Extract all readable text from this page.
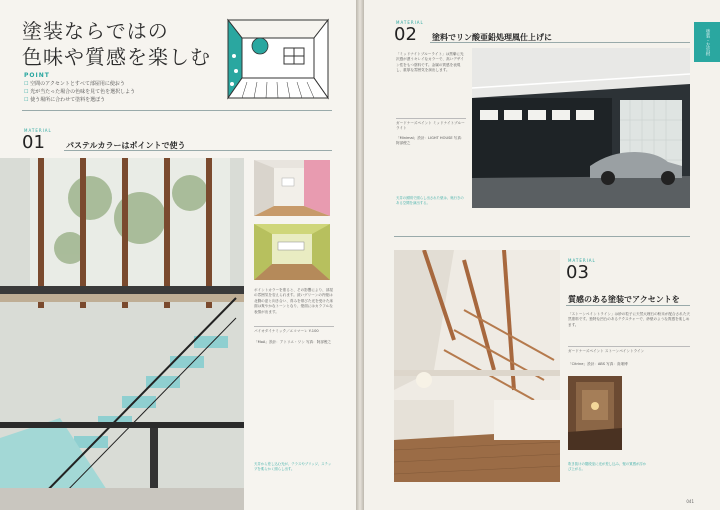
塗装ならではの
色味や質感を楽しむ
POINT
☐ 空間のアクセントとすべて部屋用に使おう
☐ 光が当たった場合の色味を見て色を選択しよう
☐ 使う場所に合わせて塗料を選ぼう
MATERIAL
01	パステルカラーはポイントで使う
ポイントカラーを塗ると、その影響により、部屋の雰囲気を変えられます。淡いグリーンの内壁は北側の窓と向き合い、青みを帯びた光を受けた床面は爽やかなトーンとなり、壁面にはカラフルな表情が出ます。
パイオダイナミック／エコマーレ Y-100
「MoA」設計：アトリエ・ワン 写真：阿部俊之
天井から差し込む光が、テラスやブリッジ、ステップを柔らかく照らし出す。
塗装・左官材
MATERIAL
02 塗料でリン酸亜鉛処理風仕上げに
「ミッドナイトブルーライト」は黒紫に光沢感が漂うキレイなカラーで、高いデザイン性をもつ塗料です。金属の質感を表現し、重厚な雰囲気を演出します。
ガードナーズペイント ミッドナイトブルーライト
「Minimal」設計：LIGHT HOUSE 写真：阿部俊之
天井の照明で照らし出された壁は、奥行きのある空間を演出する。
MATERIAL
03
質感のある塗装でアクセントを
「ストーンペイントライン」は砂の粒子に天然大理石の粉末が配合された天然塗料です。独特な凹凸のあるテクスチャーで、砂壁のような質感を楽しめます。
ガードナーズペイント ストーンペイントライン
「Citrine」設計：ABS 写真：高畑博
吹き抜けの階段室に光が差し込み、壁の質感が浮かび上がる。
041
